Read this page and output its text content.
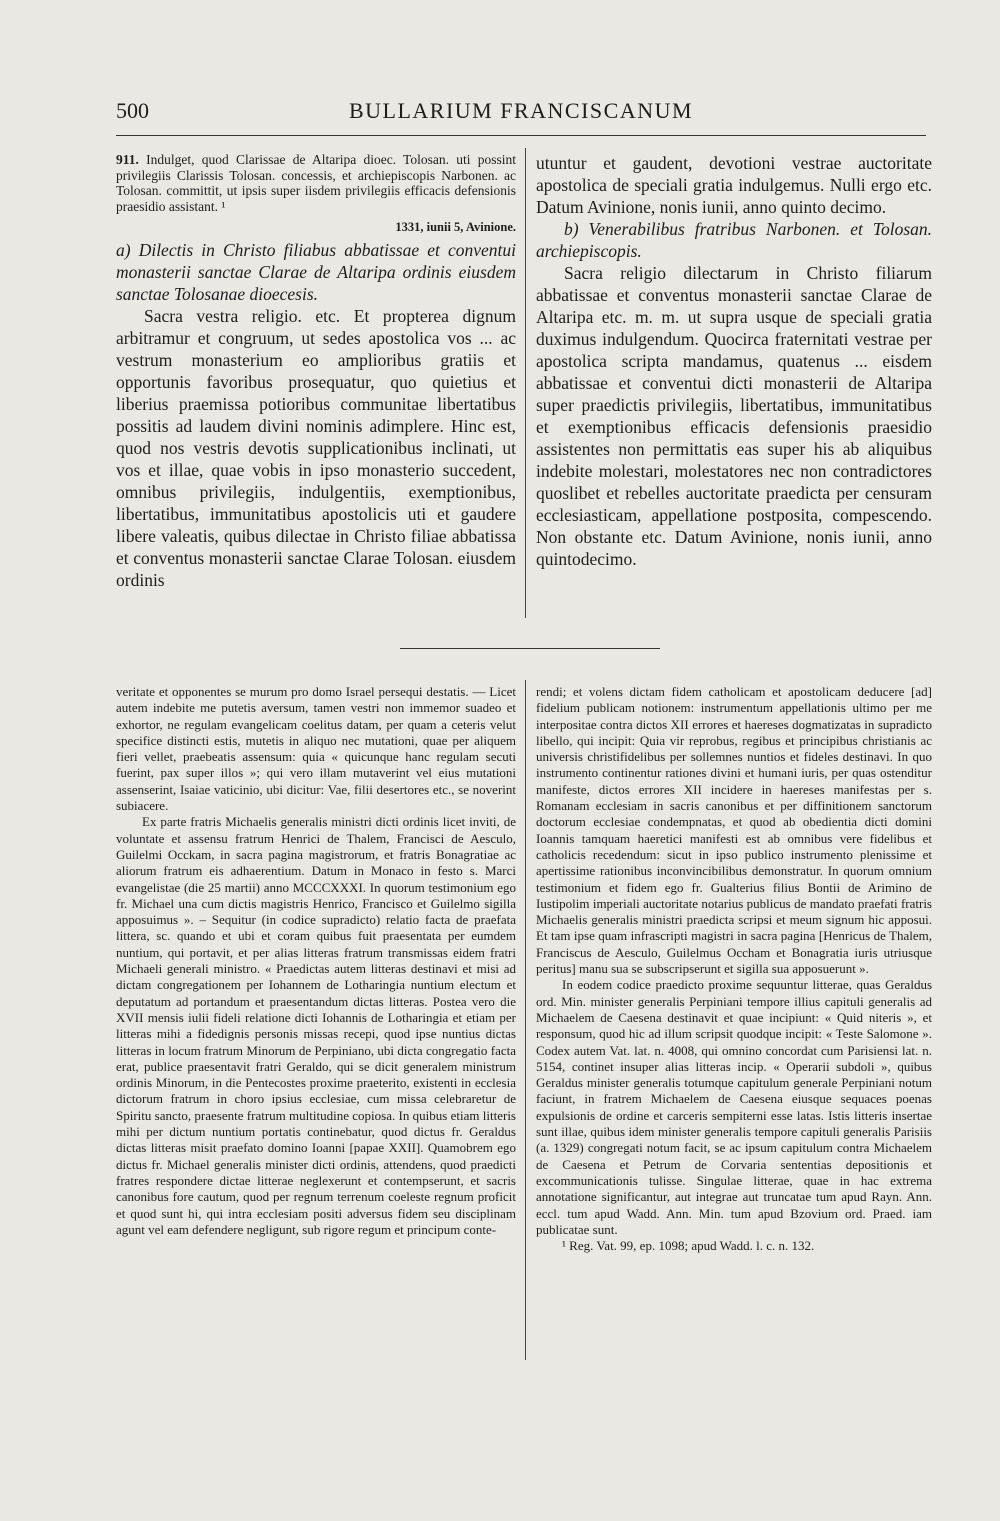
500	BULLARIUM FRANCISCANUM

911. Indulget, quod Clarissae de Altaripa dioec. Tolosan. uti possint privilegiis Clarissis Tolosan. concessis, et archiepiscopis Narbonen. ac Tolosan. committit, ut ipsis super iisdem privilegiis efficacis defensionis praesidio assistant. ¹

1331, iunii 5, Avinione.

a) Dilectis in Christo filiabus abbatissae et conventui monasterii sanctae Clarae de Altaripa ordinis eiusdem sanctae Tolosanae dioecesis.

Sacra vestra religio. etc. Et propterea dignum arbitramur et congruum, ut sedes apostolica vos ... ac vestrum monasterium eo amplioribus gratiis et opportunis favoribus prosequatur, quo quietius et liberius praemissa potioribus communitae libertatibus possitis ad laudem divini nominis adimplere. Hinc est, quod nos vestris devotis supplicationibus inclinati, ut vos et illae, quae vobis in ipso monasterio succedent, omnibus privilegiis, indulgentiis, exemptionibus, libertatibus, immunitatibus apostolicis uti et gaudere libere valeatis, quibus dilectae in Christo filiae abbatissa et conventus monasterii sanctae Clarae Tolosan. eiusdem ordinis

utuntur et gaudent, devotioni vestrae auctoritate apostolica de speciali gratia indulgemus. Nulli ergo etc. Datum Avinione, nonis iunii, anno quinto decimo.

b) Venerabilibus fratribus Narbonen. et Tolosan. archiepiscopis.

Sacra religio dilectarum in Christo filiarum abbatissae et conventus monasterii sanctae Clarae de Altaripa etc. m. m. ut supra usque de speciali gratia duximus indulgendum. Quocirca fraternitati vestrae per apostolica scripta mandamus, quatenus ... eisdem abbatissae et conventui dicti monasterii de Altaripa super praedictis privilegiis, libertatibus, immunitatibus et exemptionibus efficacis defensionis praesidio assistentes non permittatis eas super his ab aliquibus indebite molestari, molestatores nec non contradictores quoslibet et rebelles auctoritate praedicta per censuram ecclesiasticam, appellatione postposita, compescendo. Non obstante etc. Datum Avinione, nonis iunii, anno quintodecimo.

veritate et opponentes se murum pro domo Israel persequi destatis. — Licet autem indebite me putetis aversum, tamen vestri non immemor suadeo et exhortor, ne regulam evangelicam coelitus datam, per quam a ceteris velut specifice distincti estis, mutetis in aliquo nec mutationi, quae per aliquem fieri vellet, praebeatis assensum: quia « quicunque hanc regulam secuti fuerint, pax super illos »; qui vero illam mutaverint vel eius mutationi assenserint, Isaiae vaticinio, ubi dicitur: Vae, filii desertores etc., se noverint subiacere.

Ex parte fratris Michaelis generalis ministri dicti ordinis licet inviti, de voluntate et assensu fratrum Henrici de Thalem, Francisci de Aesculo, Guilelmi Occkam, in sacra pagina magistrorum, et fratris Bonagratiae ac aliorum fratrum eis adhaerentium. Datum in Monaco in festo s. Marci evangelistae (die 25 martii) anno MCCCXXXI. In quorum testimonium ego fr. Michael una cum dictis magistris Henrico, Francisco et Guilelmo sigilla apposuimus ». – Sequitur (in codice supradicto) relatio facta de praefata littera, sc. quando et ubi et coram quibus fuit praesentata per eumdem nuntium, qui portavit, et per alias litteras fratrum transmissas eidem fratri Michaeli generali ministro. « Praedictas autem litteras destinavi et misi ad dictam congregationem per Iohannem de Lotharingia nuntium electum et deputatum ad portandum et praesentandum dictas litteras. Postea vero die XVII mensis iulii fideli relatione dicti Iohannis de Lotharingia et etiam per litteras mihi a fidedignis personis missas recepi, quod ipse nuntius dictas litteras in locum fratrum Minorum de Perpiniano, ubi dicta congregatio facta erat, publice praesentavit fratri Geraldo, qui se dicit generalem ministrum ordinis Minorum, in die Pentecostes proxime praeterito, existenti in ecclesia dictorum fratrum in choro ipsius ecclesiae, cum missa celebraretur de Spiritu sancto, praesente fratrum multitudine copiosa. In quibus etiam litteris mihi per dictum nuntium portatis continebatur, quod dictus fr. Geraldus dictas litteras misit praefato domino Ioanni [papae XXII]. Quamobrem ego dictus fr. Michael generalis minister dicti ordinis, attendens, quod praedicti fratres respondere dictae litterae neglexerunt et contempserunt, et sacris canonibus fore cautum, quod per regnum terrenum coeleste regnum proficit et quod sunt hi, qui intra ecclesiam positi adversus fidem seu disciplinam agunt vel eam defendere negligunt, sub rigore regum et principum conte-

rendi; et volens dictam fidem catholicam et apostolicam deducere [ad] fidelium publicam notionem: instrumentum appellationis ultimo per me interpositae contra dictos XII errores et haereses dogmatizatas in supradicto libello, qui incipit: Quia vir reprobus, regibus et principibus christianis ac universis christifidelibus per sollemnes nuntios et fideles destinavi. In quo instrumento continentur rationes divini et humani iuris, per quas ostenditur manifeste, dictos errores XII incidere in haereses manifestas per s. Romanam ecclesiam in sacris canonibus et per diffinitionem sanctorum doctorum ecclesiae condempnatas, et quod ab obedientia dicti domini Ioannis tamquam haeretici manifesti est ab omnibus vere fidelibus et catholicis recedendum: sicut in ipso publico instrumento plenissime et apertissime rationibus inconvincibilibus demonstratur. In quorum omnium testimonium et fidem ego fr. Gualterius filius Bontii de Arimino de Iustipolim imperiali auctoritate notarius publicus de mandato praefati fratris Michaelis generalis ministri praedicta scripsi et meum signum hic apposui. Et tam ipse quam infrascripti magistri in sacra pagina [Henricus de Thalem, Franciscus de Aesculo, Guilelmus Occham et Bonagratia iuris utriusque peritus] manu sua se subscripserunt et sigilla sua apposuerunt ».

In eodem codice praedicto proxime sequuntur litterae, quas Geraldus ord. Min. minister generalis Perpiniani tempore illius capituli generalis ad Michaelem de Caesena destinavit et quae incipiunt: « Quid niteris », et responsum, quod hic ad illum scripsit quodque incipit: « Teste Salomone ». Codex autem Vat. lat. n. 4008, qui omnino concordat cum Parisiensi lat. n. 5154, continet insuper alias litteras incip. « Operarii subdoli », quibus Geraldus minister generalis totumque capitulum generale Perpiniani notum faciunt, in fratrem Michaelem de Caesena eiusque sequaces poenas expulsionis de ordine et carceris sempiterni esse latas. Istis litteris insertae sunt illae, quibus idem minister generalis tempore capituli generalis Parisiis (a. 1329) congregati notum facit, se ac ipsum capitulum contra Michaelem de Caesena et Petrum de Corvaria sententias depositionis et excommunicationis tulisse. Singulae litterae, quae in hac extrema annotatione significantur, aut integrae aut truncatae tum apud Rayn. Ann. eccl. tum apud Wadd. Ann. Min. tum apud Bzovium ord. Praed. iam publicatae sunt.

¹ Reg. Vat. 99, ep. 1098; apud Wadd. l. c. n. 132.
